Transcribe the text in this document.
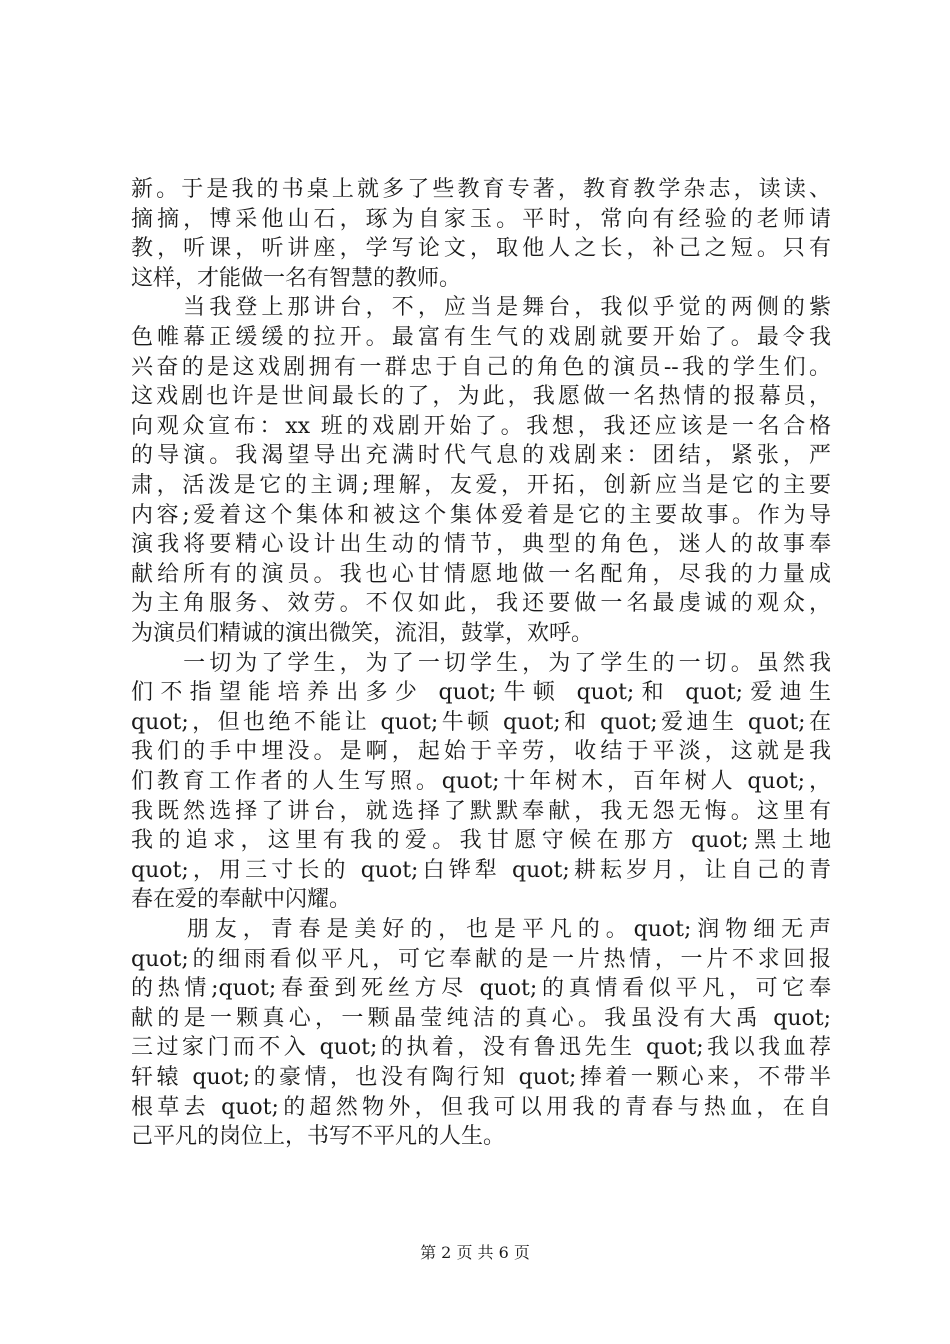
新。于是我的书桌上就多了些教育专著，教育教学杂志，读读、
摘摘，博采他山石，琢为自家玉。平时，常向有经验的老师请
教，听课，听讲座，学写论文，取他人之长，补己之短。只有
这样，才能做一名有智慧的教师。
　　当我登上那讲台，不，应当是舞台，我似乎觉的两侧的紫
色帷幕正缓缓的拉开。最富有生气的戏剧就要开始了。最令我
兴奋的是这戏剧拥有一群忠于自己的角色的演员--我的学生们。
这戏剧也许是世间最长的了，为此，我愿做一名热情的报幕员，
向观众宣布：xx 班的戏剧开始了。我想，我还应该是一名合格
的导演。我渴望导出充满时代气息的戏剧来：团结，紧张，严
肃，活泼是它的主调;理解，友爱，开拓，创新应当是它的主要
内容;爱着这个集体和被这个集体爱着是它的主要故事。作为导
演我将要精心设计出生动的情节，典型的角色，迷人的故事奉
献给所有的演员。我也心甘情愿地做一名配角，尽我的力量成
为主角服务、效劳。不仅如此，我还要做一名最虔诚的观众，
为演员们精诚的演出微笑，流泪，鼓掌，欢呼。
　　一切为了学生，为了一切学生，为了学生的一切。虽然我
们不指望能培养出多少 quot;牛顿 quot;和 quot;爱迪生
quot;，但也绝不能让 quot;牛顿 quot;和 quot;爱迪生 quot;在
我们的手中埋没。是啊，起始于辛劳，收结于平淡，这就是我
们教育工作者的人生写照。quot;十年树木，百年树人 quot;，
我既然选择了讲台，就选择了默默奉献，我无怨无悔。这里有
我的追求，这里有我的爱。我甘愿守候在那方 quot;黑土地
quot;，用三寸长的 quot;白铧犁 quot;耕耘岁月，让自己的青
春在爱的奉献中闪耀。
　　朋友，青春是美好的，也是平凡的。quot;润物细无声
quot;的细雨看似平凡，可它奉献的是一片热情，一片不求回报
的热情;quot;春蚕到死丝方尽 quot;的真情看似平凡，可它奉
献的是一颗真心，一颗晶莹纯洁的真心。我虽没有大禹 quot;
三过家门而不入 quot;的执着，没有鲁迅先生 quot;我以我血荐
轩辕 quot;的豪情，也没有陶行知 quot;捧着一颗心来，不带半
根草去 quot;的超然物外，但我可以用我的青春与热血，在自
己平凡的岗位上，书写不平凡的人生。
第 2 页 共 6 页
